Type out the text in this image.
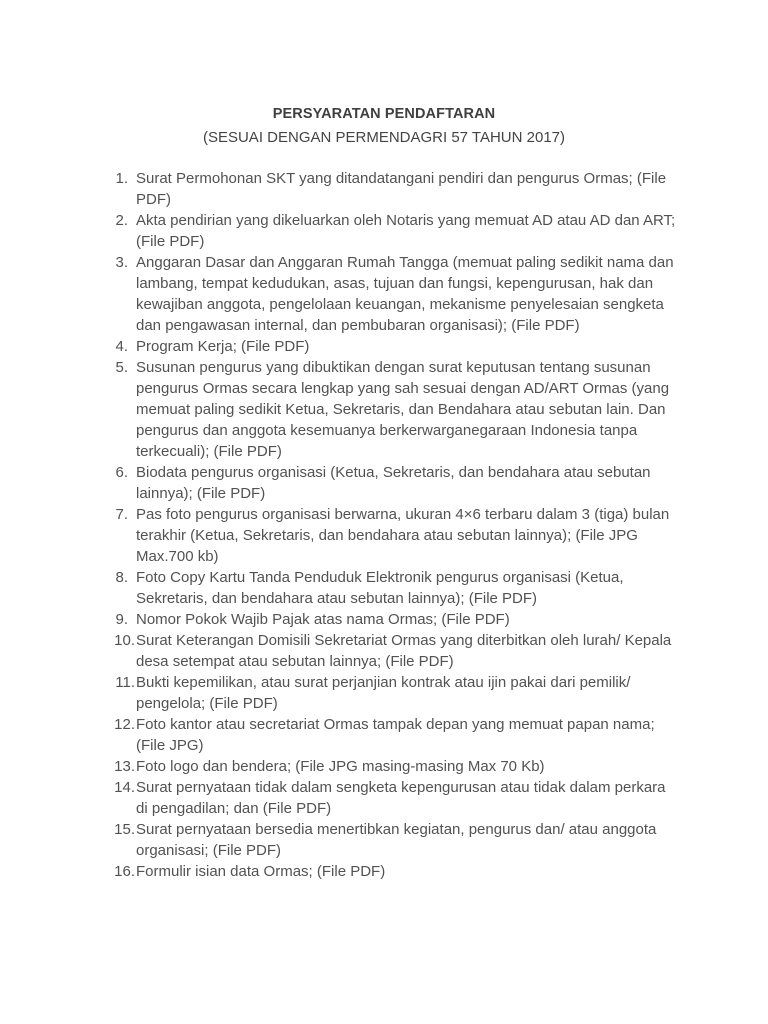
PERSYARATAN PENDAFTARAN
(SESUAI DENGAN PERMENDAGRI 57 TAHUN 2017)
1. Surat Permohonan SKT yang ditandatangani pendiri dan pengurus Ormas; (File PDF)
2. Akta pendirian yang dikeluarkan oleh Notaris yang memuat AD atau AD dan ART; (File PDF)
3. Anggaran Dasar dan Anggaran Rumah Tangga (memuat paling sedikit nama dan lambang, tempat kedudukan, asas, tujuan dan fungsi, kepengurusan, hak dan kewajiban anggota, pengelolaan keuangan, mekanisme penyelesaian sengketa dan pengawasan internal, dan pembubaran organisasi); (File PDF)
4. Program Kerja; (File PDF)
5. Susunan pengurus yang dibuktikan dengan surat keputusan tentang susunan pengurus Ormas secara lengkap yang sah sesuai dengan AD/ART Ormas (yang memuat paling sedikit Ketua, Sekretaris, dan Bendahara atau sebutan lain. Dan pengurus dan anggota kesemuanya berkerwarganegaraan Indonesia tanpa terkecuali); (File PDF)
6. Biodata pengurus organisasi (Ketua, Sekretaris, dan bendahara atau sebutan lainnya); (File PDF)
7. Pas foto pengurus organisasi berwarna, ukuran 4×6 terbaru dalam 3 (tiga) bulan terakhir (Ketua, Sekretaris, dan bendahara atau sebutan lainnya); (File JPG Max.700 kb)
8. Foto Copy Kartu Tanda Penduduk Elektronik pengurus organisasi (Ketua, Sekretaris, dan bendahara atau sebutan lainnya); (File PDF)
9. Nomor Pokok Wajib Pajak atas nama Ormas; (File PDF)
10. Surat Keterangan Domisili Sekretariat Ormas yang diterbitkan oleh lurah/ Kepala desa setempat atau sebutan lainnya; (File PDF)
11. Bukti kepemilikan, atau surat perjanjian kontrak atau ijin pakai dari pemilik/ pengelola; (File PDF)
12. Foto kantor atau secretariat Ormas tampak depan yang memuat papan nama; (File JPG)
13. Foto logo dan bendera; (File JPG masing-masing Max 70 Kb)
14. Surat pernyataan tidak dalam sengketa kepengurusan atau tidak dalam perkara di pengadilan; dan (File PDF)
15. Surat pernyataan bersedia menertibkan kegiatan, pengurus dan/ atau anggota organisasi; (File PDF)
16. Formulir isian data Ormas; (File PDF)
